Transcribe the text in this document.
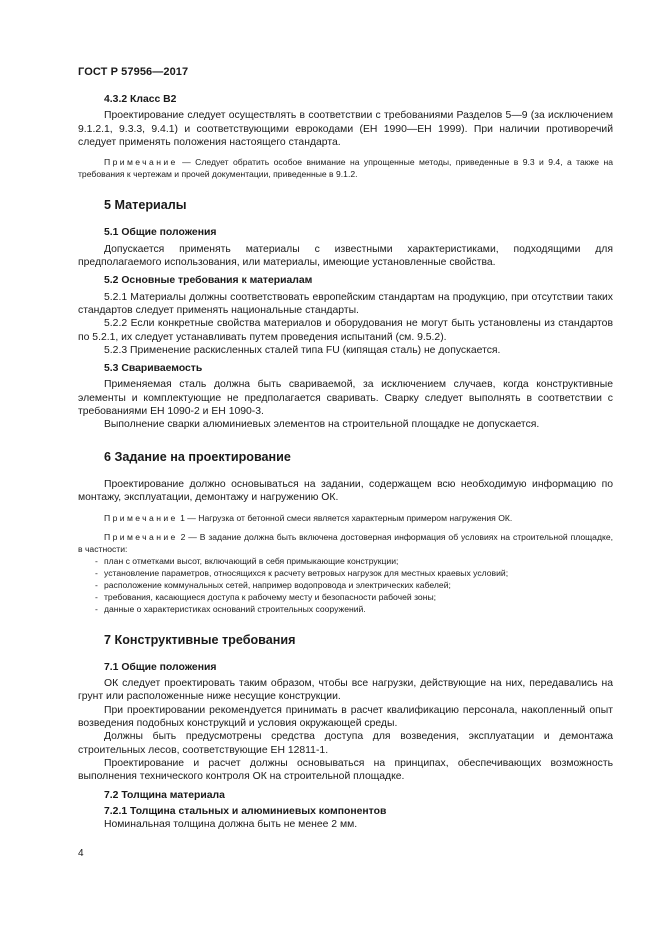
ГОСТ Р 57956—2017

4.3.2 Класс В2

Проектирование следует осуществлять в соответствии с требованиями Разделов 5—9 (за исключением 9.1.2.1, 9.3.3, 9.4.1) и соответствующими еврокодами (ЕН 1990—ЕН 1999). При наличии противоречий следует применять положения настоящего стандарта.

Примечание — Следует обратить особое внимание на упрощенные методы, приведенные в 9.3 и 9.4, а также на требования к чертежам и прочей документации, приведенные в 9.1.2.

5 Материалы

5.1 Общие положения

Допускается применять материалы с известными характеристиками, подходящими для предполагаемого использования, или материалы, имеющие установленные свойства.

5.2 Основные требования к материалам

5.2.1 Материалы должны соответствовать европейским стандартам на продукцию, при отсутствии таких стандартов следует применять национальные стандарты.

5.2.2 Если конкретные свойства материалов и оборудования не могут быть установлены из стандартов по 5.2.1, их следует устанавливать путем проведения испытаний (см. 9.5.2).

5.2.3 Применение раскисленных сталей типа FU (кипящая сталь) не допускается.

5.3 Свариваемость

Применяемая сталь должна быть свариваемой, за исключением случаев, когда конструктивные элементы и комплектующие не предполагается сваривать. Сварку следует выполнять в соответствии с требованиями ЕН 1090-2 и ЕН 1090-3.

Выполнение сварки алюминиевых элементов на строительной площадке не допускается.

6 Задание на проектирование

Проектирование должно основываться на задании, содержащем всю необходимую информацию по монтажу, эксплуатации, демонтажу и нагружению ОК.

Примечание 1 — Нагрузка от бетонной смеси является характерным примером нагружения ОК.

Примечание 2 — В задание должна быть включена достоверная информация об условиях на строительной площадке, в частности:

- план с отметками высот, включающий в себя примыкающие конструкции;
- установление параметров, относящихся к расчету ветровых нагрузок для местных краевых условий;
- расположение коммунальных сетей, например водопровода и электрических кабелей;
- требования, касающиеся доступа к рабочему месту и безопасности рабочей зоны;
- данные о характеристиках оснований строительных сооружений.

7 Конструктивные требования

7.1 Общие положения

ОК следует проектировать таким образом, чтобы все нагрузки, действующие на них, передавались на грунт или расположенные ниже несущие конструкции.

При проектировании рекомендуется принимать в расчет квалификацию персонала, накопленный опыт возведения подобных конструкций и условия окружающей среды.

Должны быть предусмотрены средства доступа для возведения, эксплуатации и демонтажа строительных лесов, соответствующие ЕН 12811-1.

Проектирование и расчет должны основываться на принципах, обеспечивающих возможность выполнения технического контроля ОК на строительной площадке.

7.2 Толщина материала

7.2.1 Толщина стальных и алюминиевых компонентов

Номинальная толщина должна быть не менее 2 мм.

4
